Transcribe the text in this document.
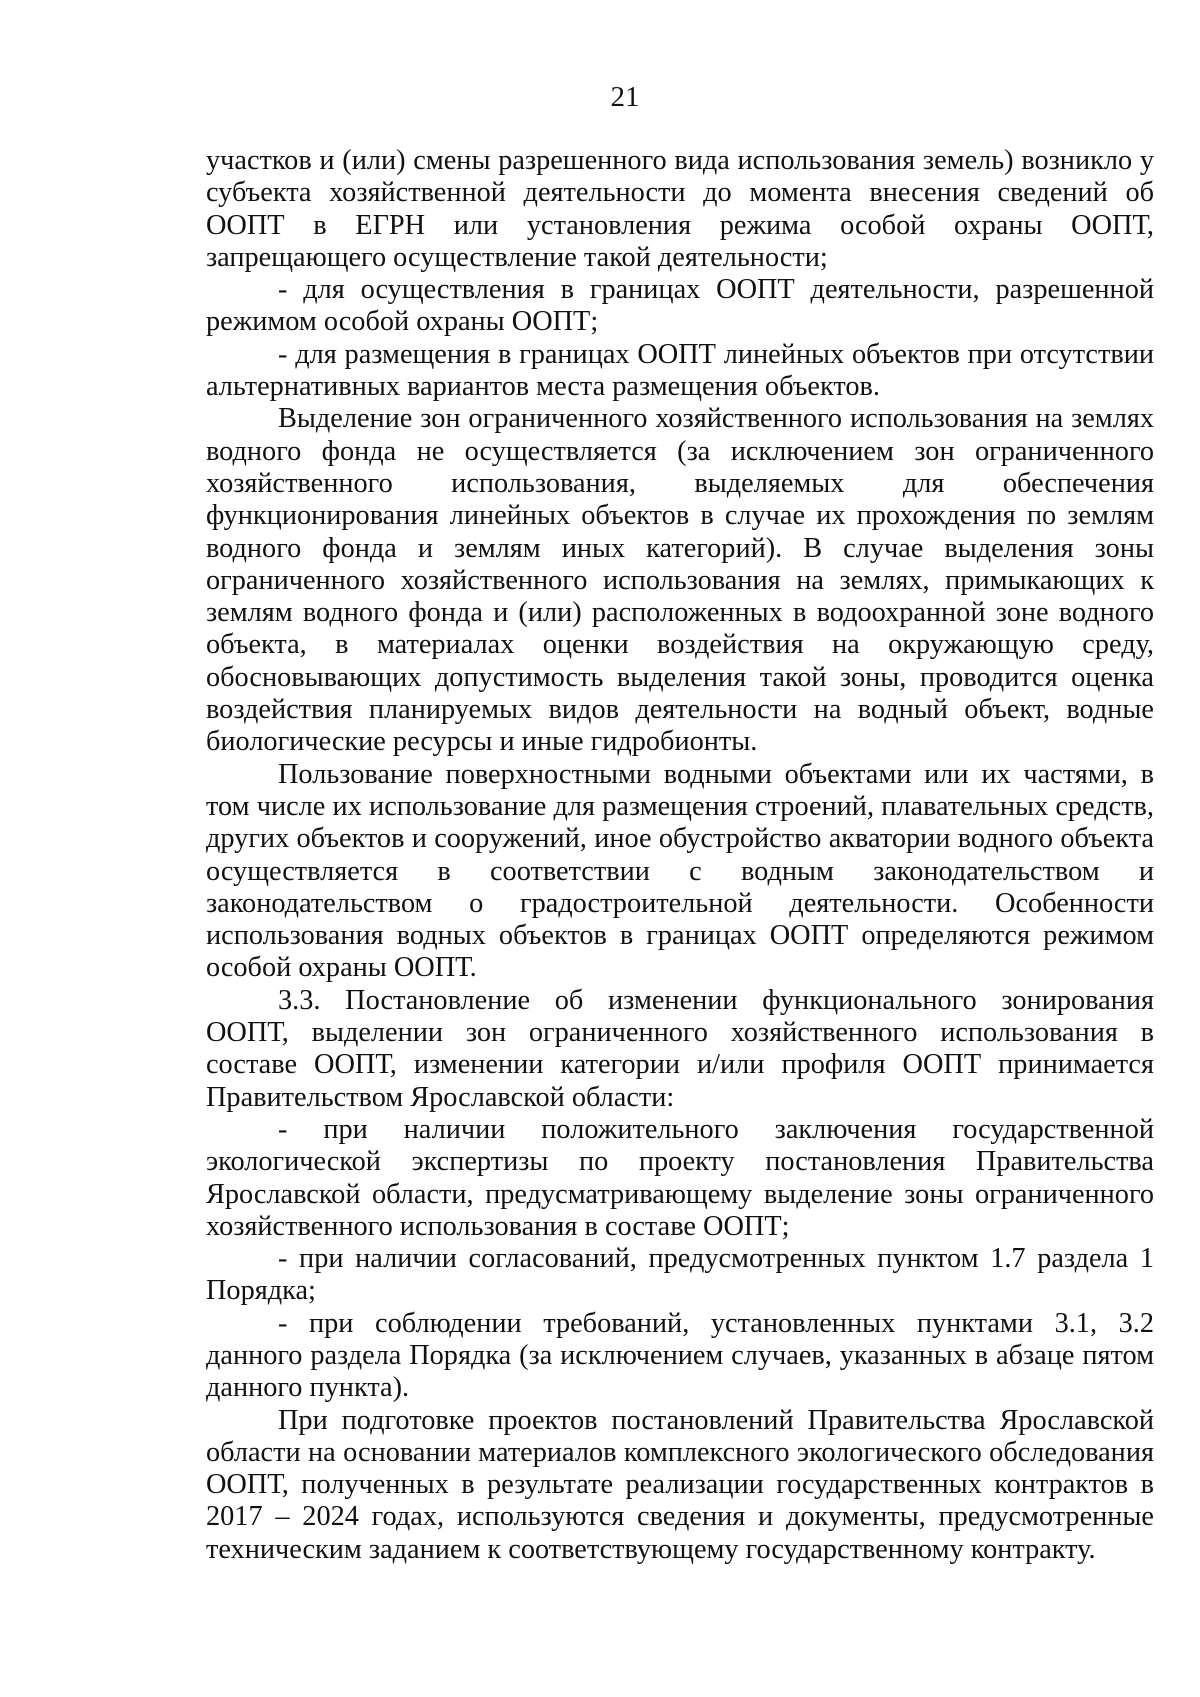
21

участков и (или) смены разрешенного вида использования земель) возникло у субъекта хозяйственной деятельности до момента внесения сведений об ООПТ в ЕГРН или установления режима особой охраны ООПТ, запрещающего осуществление такой деятельности;

- для осуществления в границах ООПТ деятельности, разрешенной режимом особой охраны ООПТ;

- для размещения в границах ООПТ линейных объектов при отсутствии альтернативных вариантов места размещения объектов.

Выделение зон ограниченного хозяйственного использования на землях водного фонда не осуществляется (за исключением зон ограниченного хозяйственного использования, выделяемых для обеспечения функционирования линейных объектов в случае их прохождения по землям водного фонда и землям иных категорий). В случае выделения зоны ограниченного хозяйственного использования на землях, примыкающих к землям водного фонда и (или) расположенных в водоохранной зоне водного объекта, в материалах оценки воздействия на окружающую среду, обосновывающих допустимость выделения такой зоны, проводится оценка воздействия планируемых видов деятельности на водный объект, водные биологические ресурсы и иные гидробионты.

Пользование поверхностными водными объектами или их частями, в том числе их использование для размещения строений, плавательных средств, других объектов и сооружений, иное обустройство акватории водного объекта осуществляется в соответствии с водным законодательством и законодательством о градостроительной деятельности. Особенности использования водных объектов в границах ООПТ определяются режимом особой охраны ООПТ.

3.3. Постановление об изменении функционального зонирования ООПТ, выделении зон ограниченного хозяйственного использования в составе ООПТ, изменении категории и/или профиля ООПТ принимается Правительством Ярославской области:

- при наличии положительного заключения государственной экологической экспертизы по проекту постановления Правительства Ярославской области, предусматривающему выделение зоны ограниченного хозяйственного использования в составе ООПТ;

- при наличии согласований, предусмотренных пунктом 1.7 раздела 1 Порядка;

- при соблюдении требований, установленных пунктами 3.1, 3.2 данного раздела Порядка (за исключением случаев, указанных в абзаце пятом данного пункта).

При подготовке проектов постановлений Правительства Ярославской области на основании материалов комплексного экологического обследования ООПТ, полученных в результате реализации государственных контрактов в 2017 – 2024 годах, используются сведения и документы, предусмотренные техническим заданием к соответствующему государственному контракту.
